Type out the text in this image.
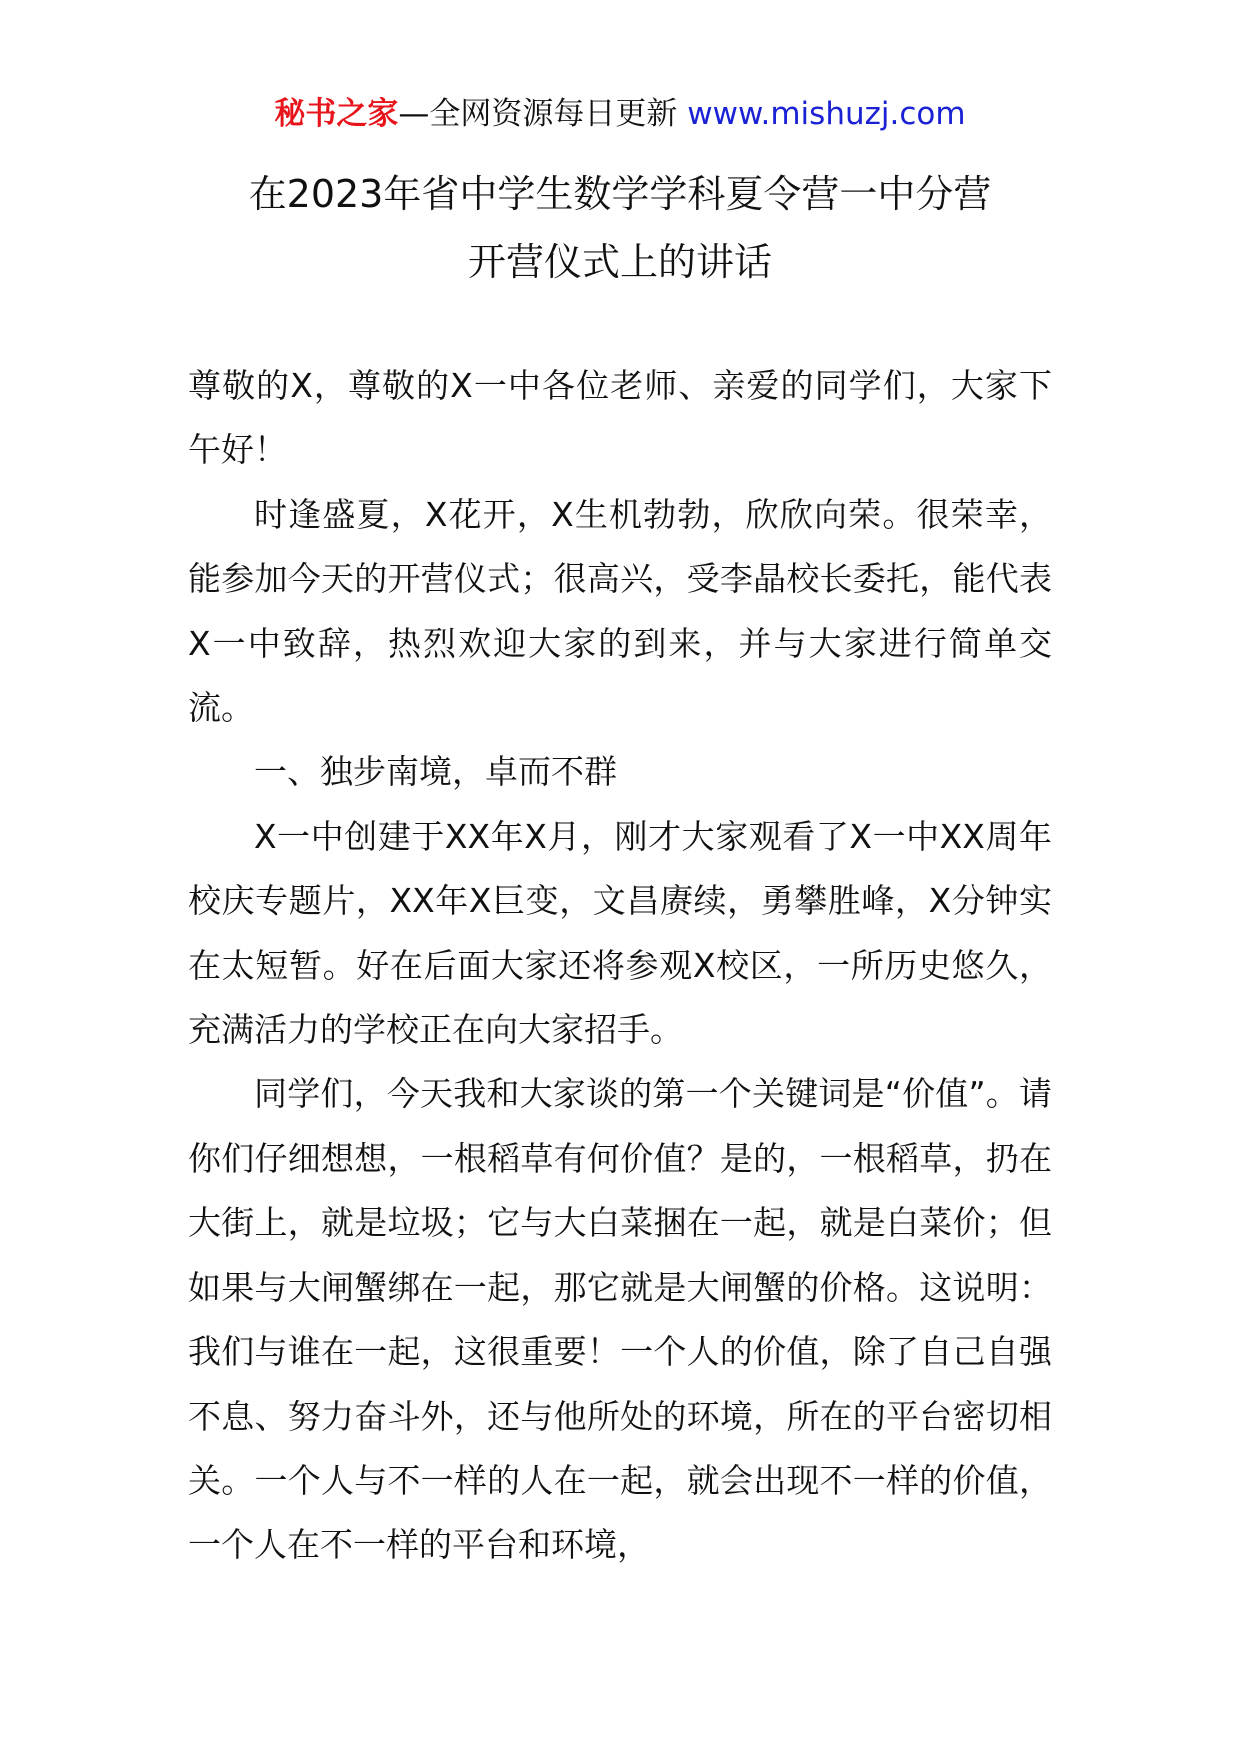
秘书之家—全网资源每日更新 www.mishuzj.com
在2023年省中学生数学学科夏令营一中分营
开营仪式上的讲话

尊敬的X，尊敬的X一中各位老师、亲爱的同学们，大家下午好！

时逢盛夏，X花开，X生机勃勃，欣欣向荣。很荣幸，能参加今天的开营仪式；很高兴，受李晶校长委托，能代表X一中致辞，热烈欢迎大家的到来，并与大家进行简单交流。

一、独步南境，卓而不群

X一中创建于XX年X月，刚才大家观看了X一中XX周年校庆专题片，XX年X巨变，文昌赓续，勇攀胜峰，X分钟实在太短暂。好在后面大家还将参观X校区，一所历史悠久，充满活力的学校正在向大家招手。

同学们，今天我和大家谈的第一个关键词是“价值”。请你们仔细想想，一根稻草有何价值？是的，一根稻草，扔在大街上，就是垃圾；它与大白菜捆在一起，就是白菜价；但如果与大闸蟹绑在一起，那它就是大闸蟹的价格。这说明：我们与谁在一起，这很重要！一个人的价值，除了自己自强不息、努力奋斗外，还与他所处的环境，所在的平台密切相关。一个人与不一样的人在一起，就会出现不一样的价值，一个人在不一样的平台和环境，
